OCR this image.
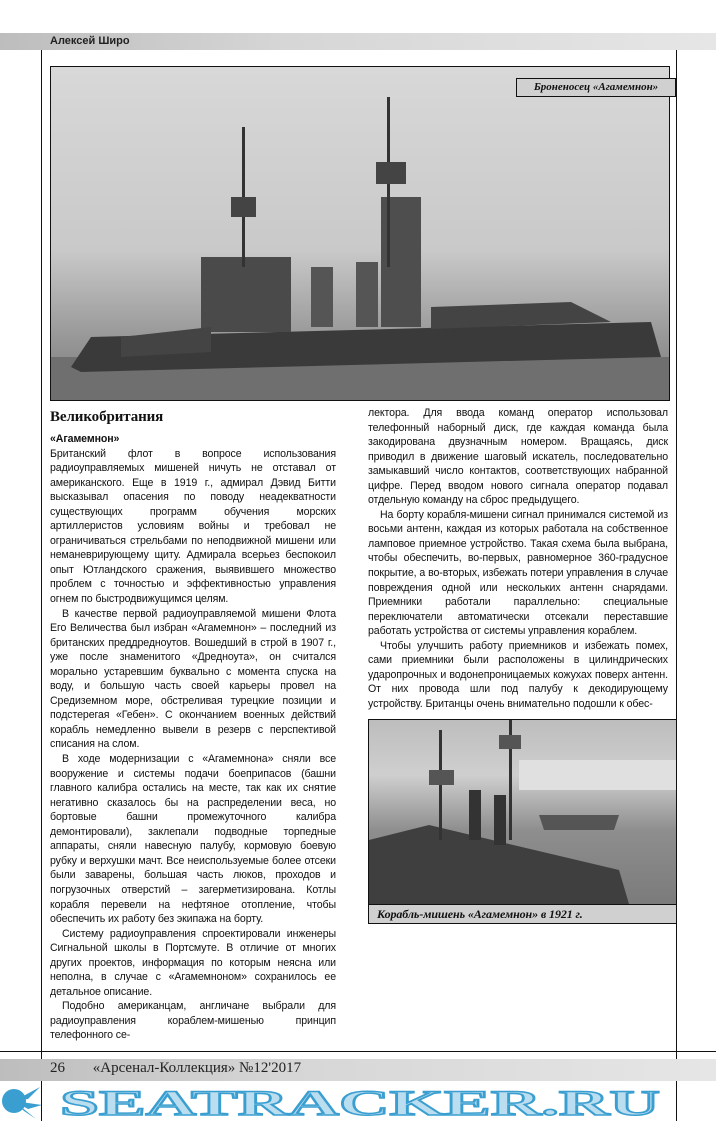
Алексей Широ
Броненосец «Агамемнон»
Великобритания
«Агамемнон»

Британский флот в вопросе использования радиоуправляемых мишеней ничуть не отставал от американского. Еще в 1919 г., адмирал Дэвид Битти высказывал опасения по поводу неадекватности существующих программ обучения морских артиллеристов условиям войны и требовал не ограничиваться стрельбами по неподвижной мишени или неманеврирующему щиту. Адмирала всерьез беспокоил опыт Ютландского сражения, выявившего множество проблем с точностью и эффективностью управления огнем по быстродвижущимся целям.

В качестве первой радиоуправляемой мишени Флота Его Величества был избран «Агамемнон» – последний из британских преддредноутов. Вошедший в строй в 1907 г., уже после знаменитого «Дредноута», он считался морально устаревшим буквально с момента спуска на воду, и большую часть своей карьеры провел на Средиземном море, обстреливая турецкие позиции и подстерегая «Гебен». С окончанием военных действий корабль немедленно вывели в резерв с перспективой списания на слом.

В ходе модернизации с «Агамемнона» сняли все вооружение и системы подачи боеприпасов (башни главного калибра остались на месте, так как их снятие негативно сказалось бы на распределении веса, но бортовые башни промежуточного калибра демонтировали), заклепали подводные торпедные аппараты, сняли навесную палубу, кормовую боевую рубку и верхушки мачт. Все неиспользуемые более отсеки были заварены, большая часть люков, проходов и погрузочных отверстий – загерметизирована. Котлы корабля перевели на нефтяное отопление, чтобы обеспечить их работу без экипажа на борту.

Систему радиоуправления спроектировали инженеры Сигнальной школы в Портсмуте. В отличие от многих других проектов, информация по которым неясна или неполна, в случае с «Агамемноном» сохранилось ее детальное описание.

Подобно американцам, англичане выбрали для радиоуправления кораблем-мишенью принцип телефонного се-

лектора. Для ввода команд оператор использовал телефонный наборный диск, где каждая команда была закодирована двузначным номером. Вращаясь, диск приводил в движение шаговый искатель, последовательно замыкавший число контактов, соответствующих набранной цифре. Перед вводом нового сигнала оператор подавал отдельную команду на сброс предыдущего.

На борту корабля-мишени сигнал принимался системой из восьми антенн, каждая из которых работала на собственное ламповое приемное устройство. Такая схема была выбрана, чтобы обеспечить, во-первых, равномерное 360-градусное покрытие, а во-вторых, избежать потери управления в случае повреждения одной или нескольких антенн снарядами. Приемники работали параллельно: специальные переключатели автоматически отсекали переставшие работать устройства от системы управления кораблем.

Чтобы улучшить работу приемников и избежать помех, сами приемники были расположены в цилиндрических ударопрочных и водонепроницаемых кожухах поверх антенн. От них провода шли под палубу к декодирующему устройству. Британцы очень внимательно подошли к обес-

Корабль-мишень «Агамемнон» в 1921 г.
26 «Арсенал-Коллекция» №12'2017
SEATRACKER.RU
